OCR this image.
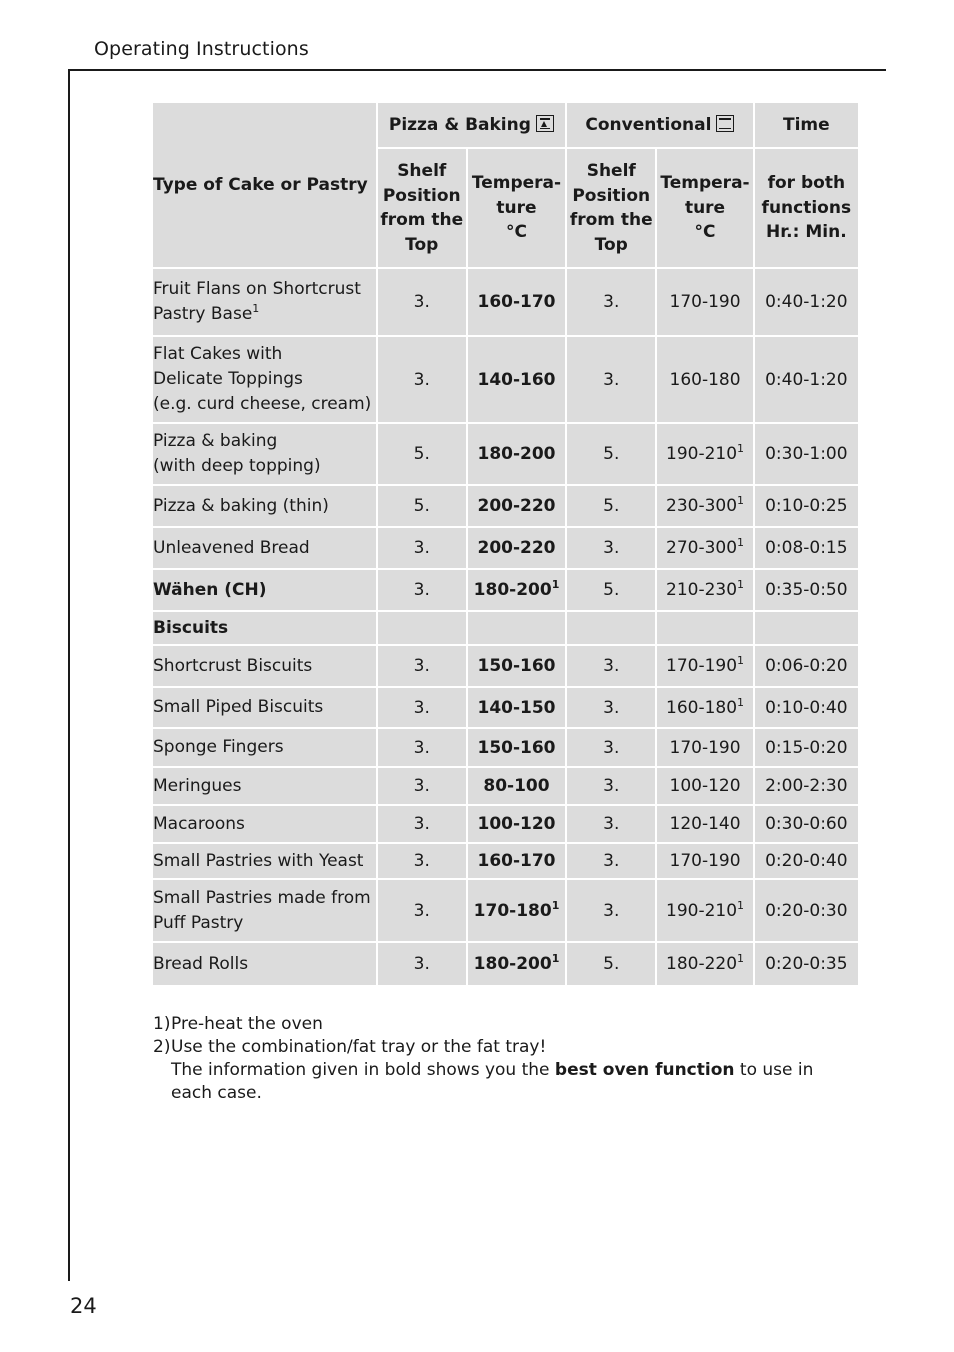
Operating Instructions
Type of Cake or Pastry	Pizza & Baking		Conventional		Time
	Shelf
Position
from the
Top	Tempera-
ture
°C	Shelf
Position
from the
Top	Tempera-
ture
°C	for both
functions
Hr.: Min.
Fruit Flans on Shortcrust
Pastry Base$^1$	3.	160-170	3.	170-190	0:40-1:20
Flat Cakes with
Delicate Toppings
(e.g. curd cheese, cream)	3.	140-160	3.	160-180	0:40-1:20
Pizza & baking
(with deep topping)	5.	180-200	5.	$190-210^1$	0:30-1:00
Pizza & baking (thin)	5.	200-220	5.	$230-300^1$	0:10-0:25
Unleavened Bread	3.	200-220	3.	$270-300^1$	0:08-0:15
Wähen (CH)	3.	$180-200^1$	5.	$210-230^1$	0:35-0:50
Biscuits					
Shortcrust Biscuits	3.	150-160	3.	$170-190^1$	0:06-0:20
Small Piped Biscuits	3.	140-150	3.	$160-180^1$	0:10-0:40
Sponge Fingers	3.	150-160	3.	170-190	0:15-0:20
Meringues	3.	80-100	3.	100-120	2:00-2:30
Macaroons	3.	100-120	3.	120-140	0:30-0:60
Small Pastries with Yeast	3.	160-170	3.	170-190	0:20-0:40
Small Pastries made from
Puff Pastry	3.	$170-180^1$	3.	$190-210^1$	0:20-0:30
Bread Rolls	3.	$180-200^1$	5.	$180-220^1$	0:20-0:35
1) Pre-heat the oven
2) Use the combination/fat tray or the fat tray!
The information given in bold shows you the best oven function to use in each case.
24
